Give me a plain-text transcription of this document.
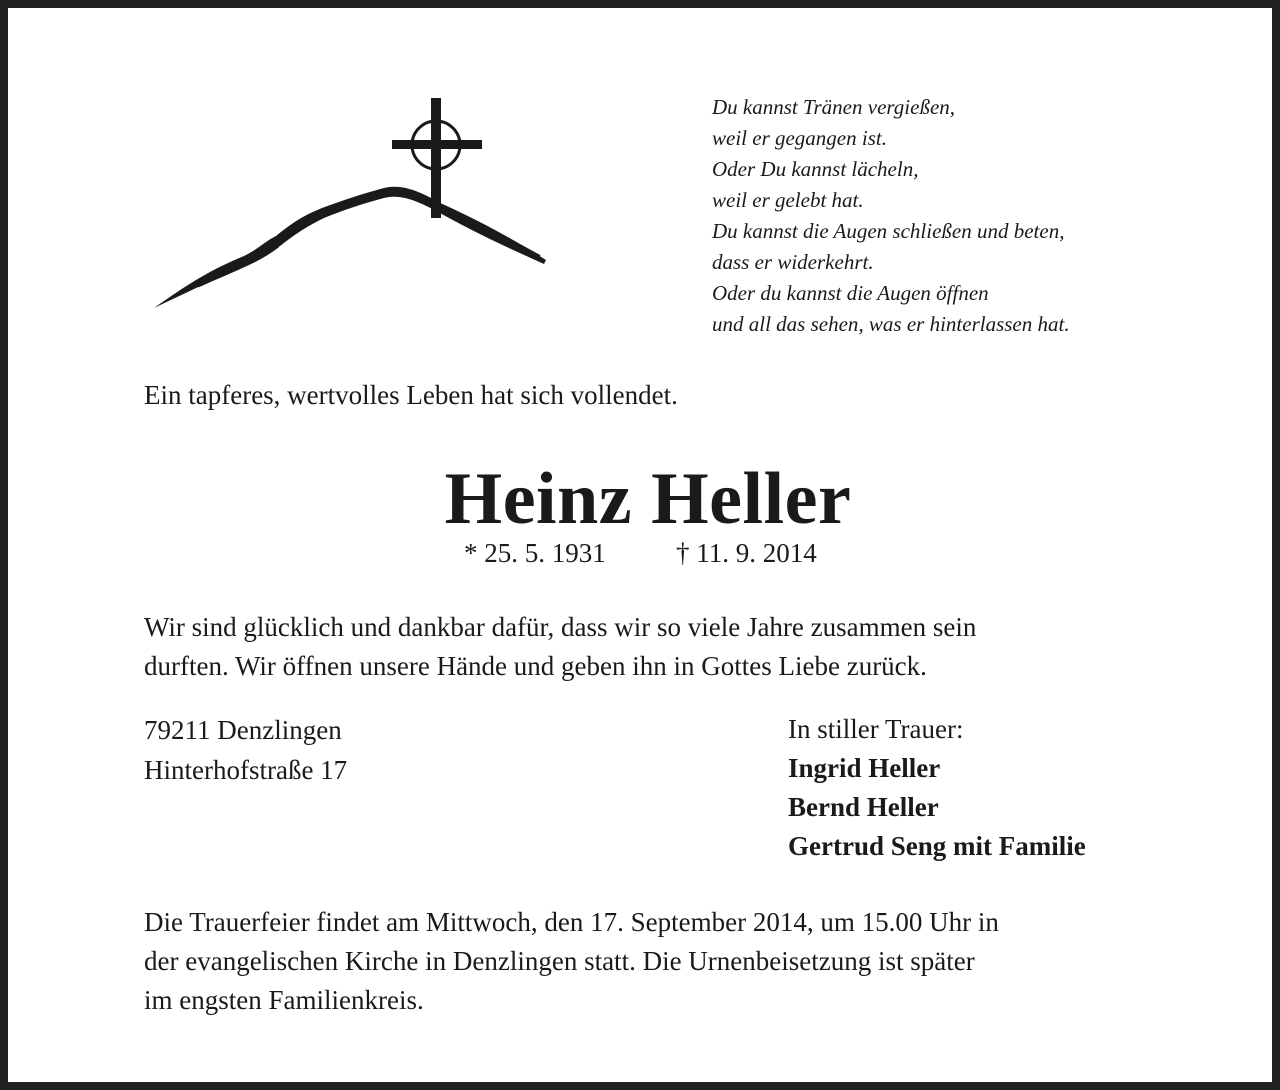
Du kannst Tränen vergießen,
weil er gegangen ist.
Oder Du kannst lächeln,
weil er gelebt hat.
Du kannst die Augen schließen und beten,
dass er widerkehrt.
Oder du kannst die Augen öffnen
und all das sehen, was er hinterlassen hat.
Ein tapferes, wertvolles Leben hat sich vollendet.
Heinz Heller
* 25. 5. 1931	† 11. 9. 2014
Wir sind glücklich und dankbar dafür, dass wir so viele Jahre zusammen sein
durften. Wir öffnen unsere Hände und geben ihn in Gottes Liebe zurück.
79211 Denzlingen
Hinterhofstraße 17
In stiller Trauer:
Ingrid Heller
Bernd Heller
Gertrud Seng mit Familie
Die Trauerfeier findet am Mittwoch, den 17. September 2014, um 15.00 Uhr in
der evangelischen Kirche in Denzlingen statt. Die Urnenbeisetzung ist später
im engsten Familienkreis.
